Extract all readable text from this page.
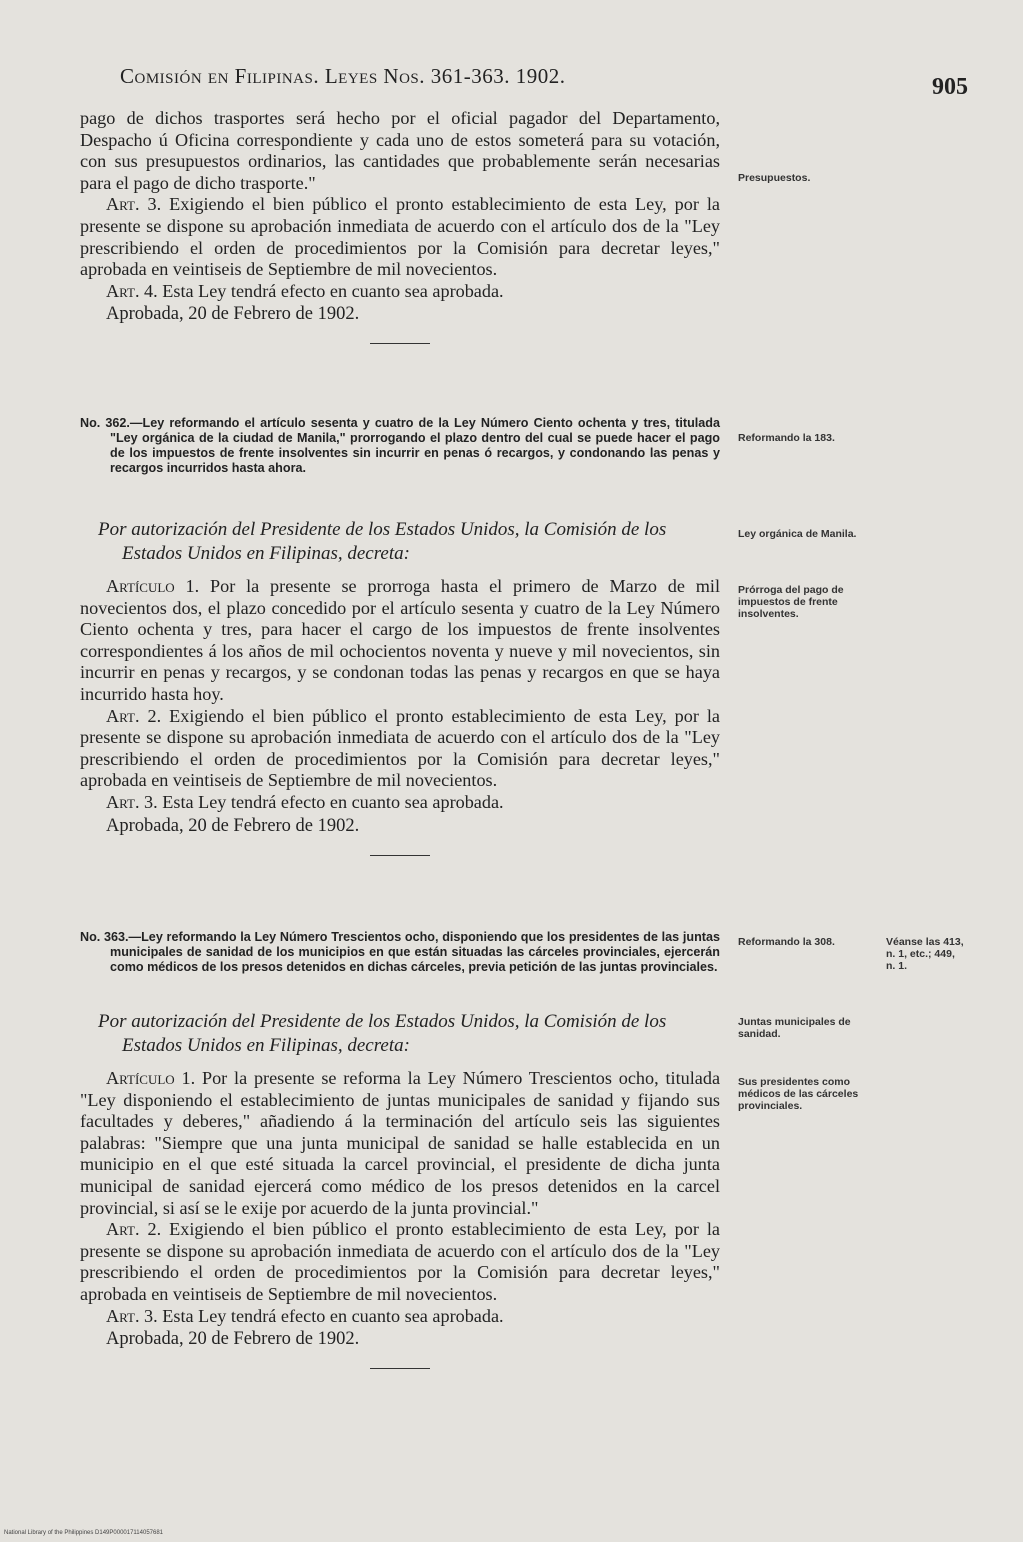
Comisión en Filipinas. Leyes Nos. 361-363. 1902.	905

pago de dichos trasportes será hecho por el oficial pagador del Departamento, Despacho ú Oficina correspondiente y cada uno de estos someterá para su votación, con sus presupuestos ordinarios, las cantidades que probablemente serán necesarias para el pago de dicho trasporte."

Art. 3. Exigiendo el bien público el pronto establecimiento de esta Ley, por la presente se dispone su aprobación inmediata de acuerdo con el artículo dos de la "Ley prescribiendo el orden de procedimientos por la Comisión para decretar leyes," aprobada en veintiseis de Septiembre de mil novecientos.

Art. 4. Esta Ley tendrá efecto en cuanto sea aprobada.

Aprobada, 20 de Febrero de 1902.

No. 362.—Ley reformando el artículo sesenta y cuatro de la Ley Número Ciento ochenta y tres, titulada "Ley orgánica de la ciudad de Manila," prorrogando el plazo dentro del cual se puede hacer el pago de los impuestos de frente insolventes sin incurrir en penas ó recargos, y condonando las penas y recargos incurridos hasta ahora.

Por autorización del Presidente de los Estados Unidos, la Comisión de los Estados Unidos en Filipinas, decreta:

Artículo 1. Por la presente se prorroga hasta el primero de Marzo de mil novecientos dos, el plazo concedido por el artículo sesenta y cuatro de la Ley Número Ciento ochenta y tres, para hacer el cargo de los impuestos de frente insolventes correspondientes á los años de mil ochocientos noventa y nueve y mil novecientos, sin incurrir en penas y recargos, y se condonan todas las penas y recargos en que se haya incurrido hasta hoy.

Art. 2. Exigiendo el bien público el pronto establecimiento de esta Ley, por la presente se dispone su aprobación inmediata de acuerdo con el artículo dos de la "Ley prescribiendo el orden de procedimientos por la Comisión para decretar leyes," aprobada en veintiseis de Septiembre de mil novecientos.

Art. 3. Esta Ley tendrá efecto en cuanto sea aprobada.

Aprobada, 20 de Febrero de 1902.

No. 363.—Ley reformando la Ley Número Trescientos ocho, disponiendo que los presidentes de las juntas municipales de sanidad de los municipios en que están situadas las cárceles provinciales, ejercerán como médicos de los presos detenidos en dichas cárceles, previa petición de las juntas provinciales.

Por autorización del Presidente de los Estados Unidos, la Comisión de los Estados Unidos en Filipinas, decreta:

Artículo 1. Por la presente se reforma la Ley Número Trescientos ocho, titulada "Ley disponiendo el establecimiento de juntas municipales de sanidad y fijando sus facultades y deberes," añadiendo á la terminación del artículo seis las siguientes palabras: "Siempre que una junta municipal de sanidad se halle establecida en un municipio en el que esté situada la carcel provincial, el presidente de dicha junta municipal de sanidad ejercerá como médico de los presos detenidos en la carcel provincial, si así se le exije por acuerdo de la junta provincial."

Art. 2. Exigiendo el bien público el pronto establecimiento de esta Ley, por la presente se dispone su aprobación inmediata de acuerdo con el artículo dos de la "Ley prescribiendo el orden de procedimientos por la Comisión para decretar leyes," aprobada en veintiseis de Septiembre de mil novecientos.

Art. 3. Esta Ley tendrá efecto en cuanto sea aprobada.

Aprobada, 20 de Febrero de 1902.

Presupuestos.
Reformando la 183.
Ley orgánica de Manila.
Prórroga del pago de impuestos de frente insolventes.
Reformando la 308.	Véanse las 413, n. 1, etc.; 449, n. 1.
Juntas municipales de sanidad.
Sus presidentes como médicos de las cárceles provinciales.
National Library of the Philippines D149P000017114057681
